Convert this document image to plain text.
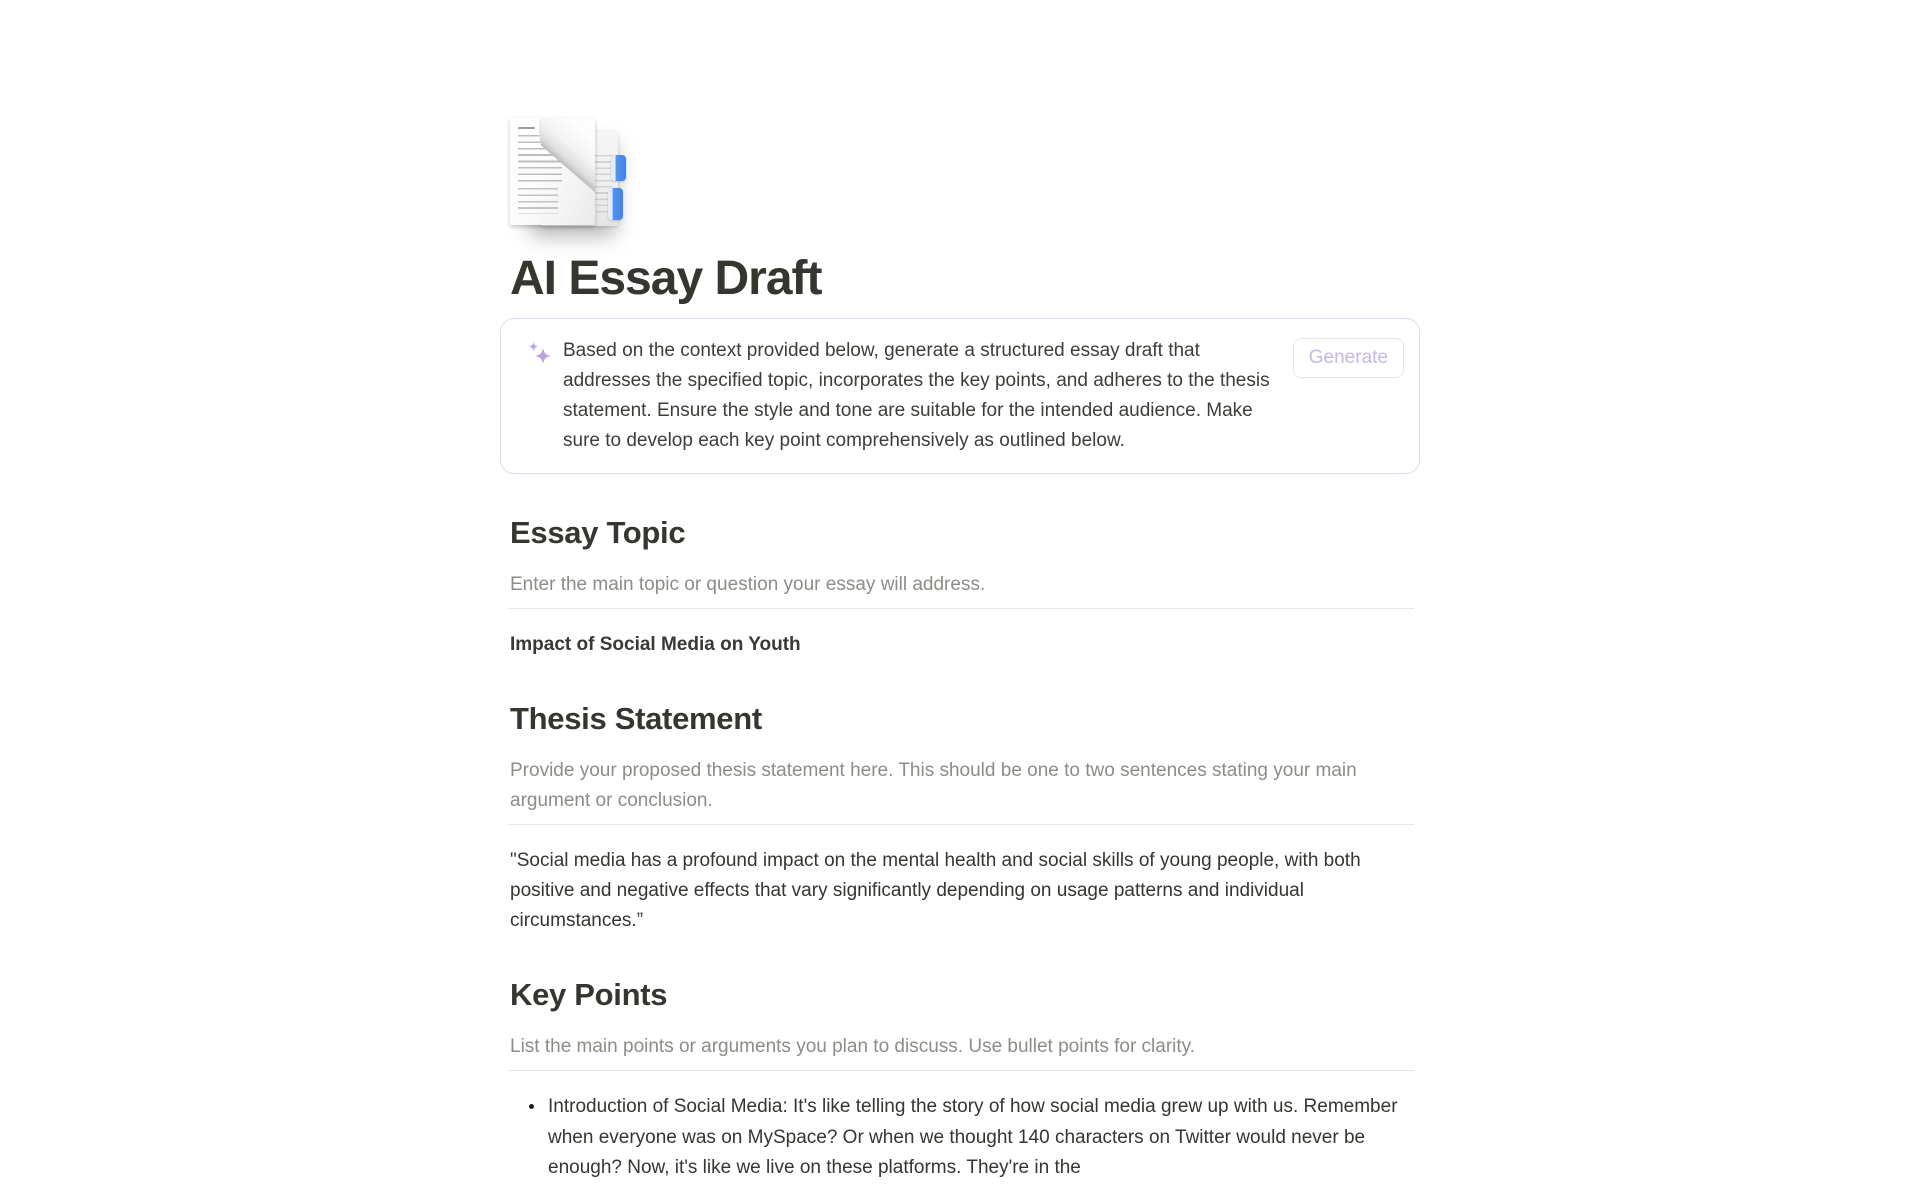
AI Essay Draft
Based on the context provided below, generate a structured essay draft that addresses the specified topic, incorporates the key points, and adheres to the thesis statement. Ensure the style and tone are suitable for the intended audience. Make sure to develop each key point comprehensively as outlined below.
Generate
Essay Topic
Enter the main topic or question your essay will address.
Impact of Social Media on Youth
Thesis Statement
Provide your proposed thesis statement here. This should be one to two sentences stating your main argument or conclusion.
"Social media has a profound impact on the mental health and social skills of young people, with both positive and negative effects that vary significantly depending on usage patterns and individual circumstances.”
Key Points
List the main points or arguments you plan to discuss. Use bullet points for clarity.
• Introduction of Social Media: It's like telling the story of how social media grew up with us. Remember when everyone was on MySpace? Or when we thought 140 characters on Twitter would never be enough? Now, it's like we live on these platforms. They're in the
